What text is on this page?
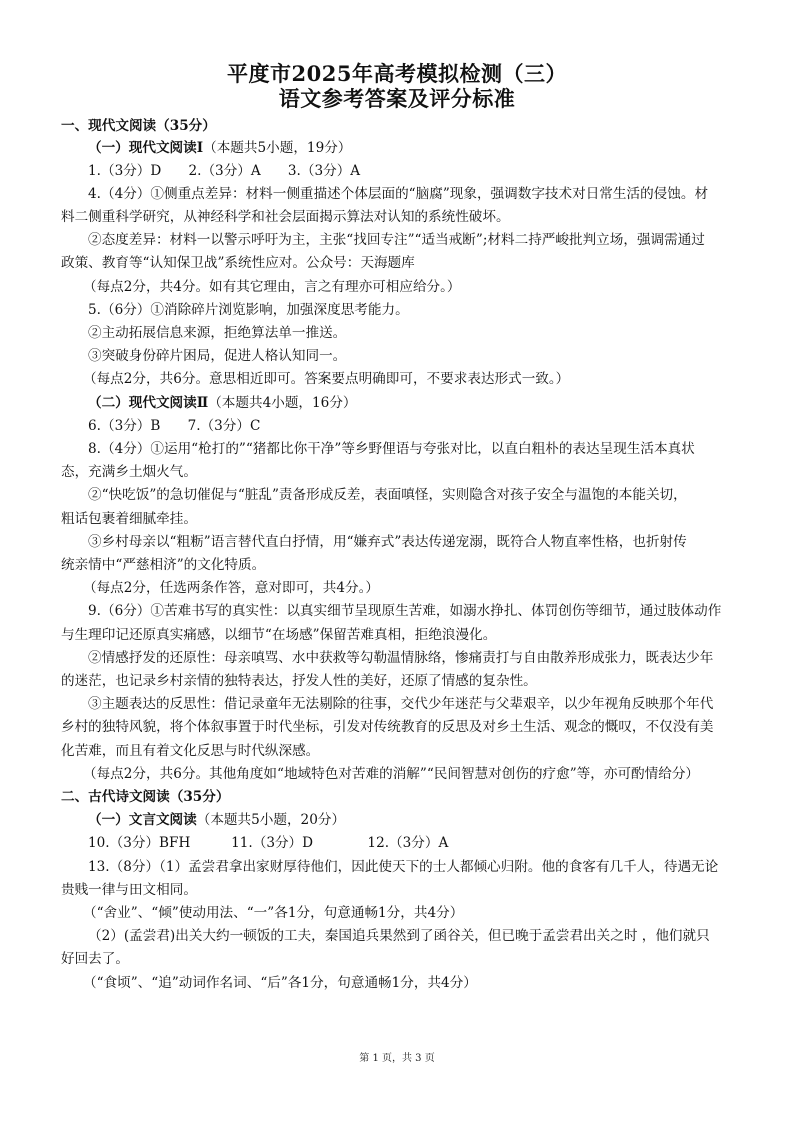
平度市2025年高考模拟检测（三）
语文参考答案及评分标准
一、现代文阅读（35分）
（一）现代文阅读Ⅰ（本题共5小题，19分）
1.（3分）D　　2.（3分）A　　3.（3分）A
4.（4分）①侧重点差异：材料一侧重描述个体层面的“脑腐”现象，强调数字技术对日常生活的侵蚀。材
料二侧重科学研究，从神经科学和社会层面揭示算法对认知的系统性破坏。
②态度差异：材料一以警示呼吁为主，主张“找回专注”“适当戒断”;材料二持严峻批判立场，强调需通过
政策、教育等“认知保卫战”系统性应对。公众号：天海题库
（每点2分，共4分。如有其它理由，言之有理亦可相应给分。）
5.（6分）①消除碎片浏览影响，加强深度思考能力。
②主动拓展信息来源，拒绝算法单一推送。
③突破身份碎片困局，促进人格认知同一。
（每点2分，共6分。意思相近即可。答案要点明确即可，不要求表达形式一致。）
（二）现代文阅读Ⅱ（本题共4小题，16分）
6.（3分）B　　7.（3分）C
8.（4分）①运用“枪打的”“猪都比你干净”等乡野俚语与夸张对比，以直白粗朴的表达呈现生活本真状
态，充满乡土烟火气。
②“快吃饭”的急切催促与“脏乱”责备形成反差，表面嗔怪，实则隐含对孩子安全与温饱的本能关切，
粗话包裹着细腻牵挂。
③乡村母亲以“粗粝”语言替代直白抒情，用“嫌弃式”表达传递宠溺，既符合人物直率性格，也折射传
统亲情中“严慈相济”的文化特质。
（每点2分，任选两条作答，意对即可，共4分。）
9.（6分）①苦难书写的真实性：以真实细节呈现原生苦难，如溺水挣扎、体罚创伤等细节，通过肢体动作
与生理印记还原真实痛感，以细节“在场感”保留苦难真相，拒绝浪漫化。
②情感抒发的还原性：母亲嗔骂、水中获救等勾勒温情脉络，惨痛责打与自由散养形成张力，既表达少年
的迷茫，也记录乡村亲情的独特表达，抒发人性的美好，还原了情感的复杂性。
③主题表达的反思性：借记录童年无法剔除的往事，交代少年迷茫与父辈艰辛，以少年视角反映那个年代
乡村的独特风貌，将个体叙事置于时代坐标，引发对传统教育的反思及对乡土生活、观念的慨叹，不仅没有美
化苦难，而且有着文化反思与时代纵深感。
（每点2分，共6分。其他角度如“地域特色对苦难的消解”“民间智慧对创伤的疗愈”等，亦可酌情给分）
二、古代诗文阅读（35分）
（一）文言文阅读（本题共5小题，20分）
10.（3分）BFH　　　11.（3分）D　　　　12.（3分）A
13.（8分）（1）孟尝君拿出家财厚待他们，因此使天下的士人都倾心归附。他的食客有几千人，待遇无论
贵贱一律与田文相同。
（“舍业”、“倾”使动用法、“一”各1分，句意通畅1分，共4分）
（2）(孟尝君)出关大约一顿饭的工夫，秦国追兵果然到了函谷关，但已晚于孟尝君出关之时 ，他们就只
好回去了。
（“食顷”、“追”动词作名词、“后”各1分，句意通畅1分，共4分）
第 1 页，共 3 页
